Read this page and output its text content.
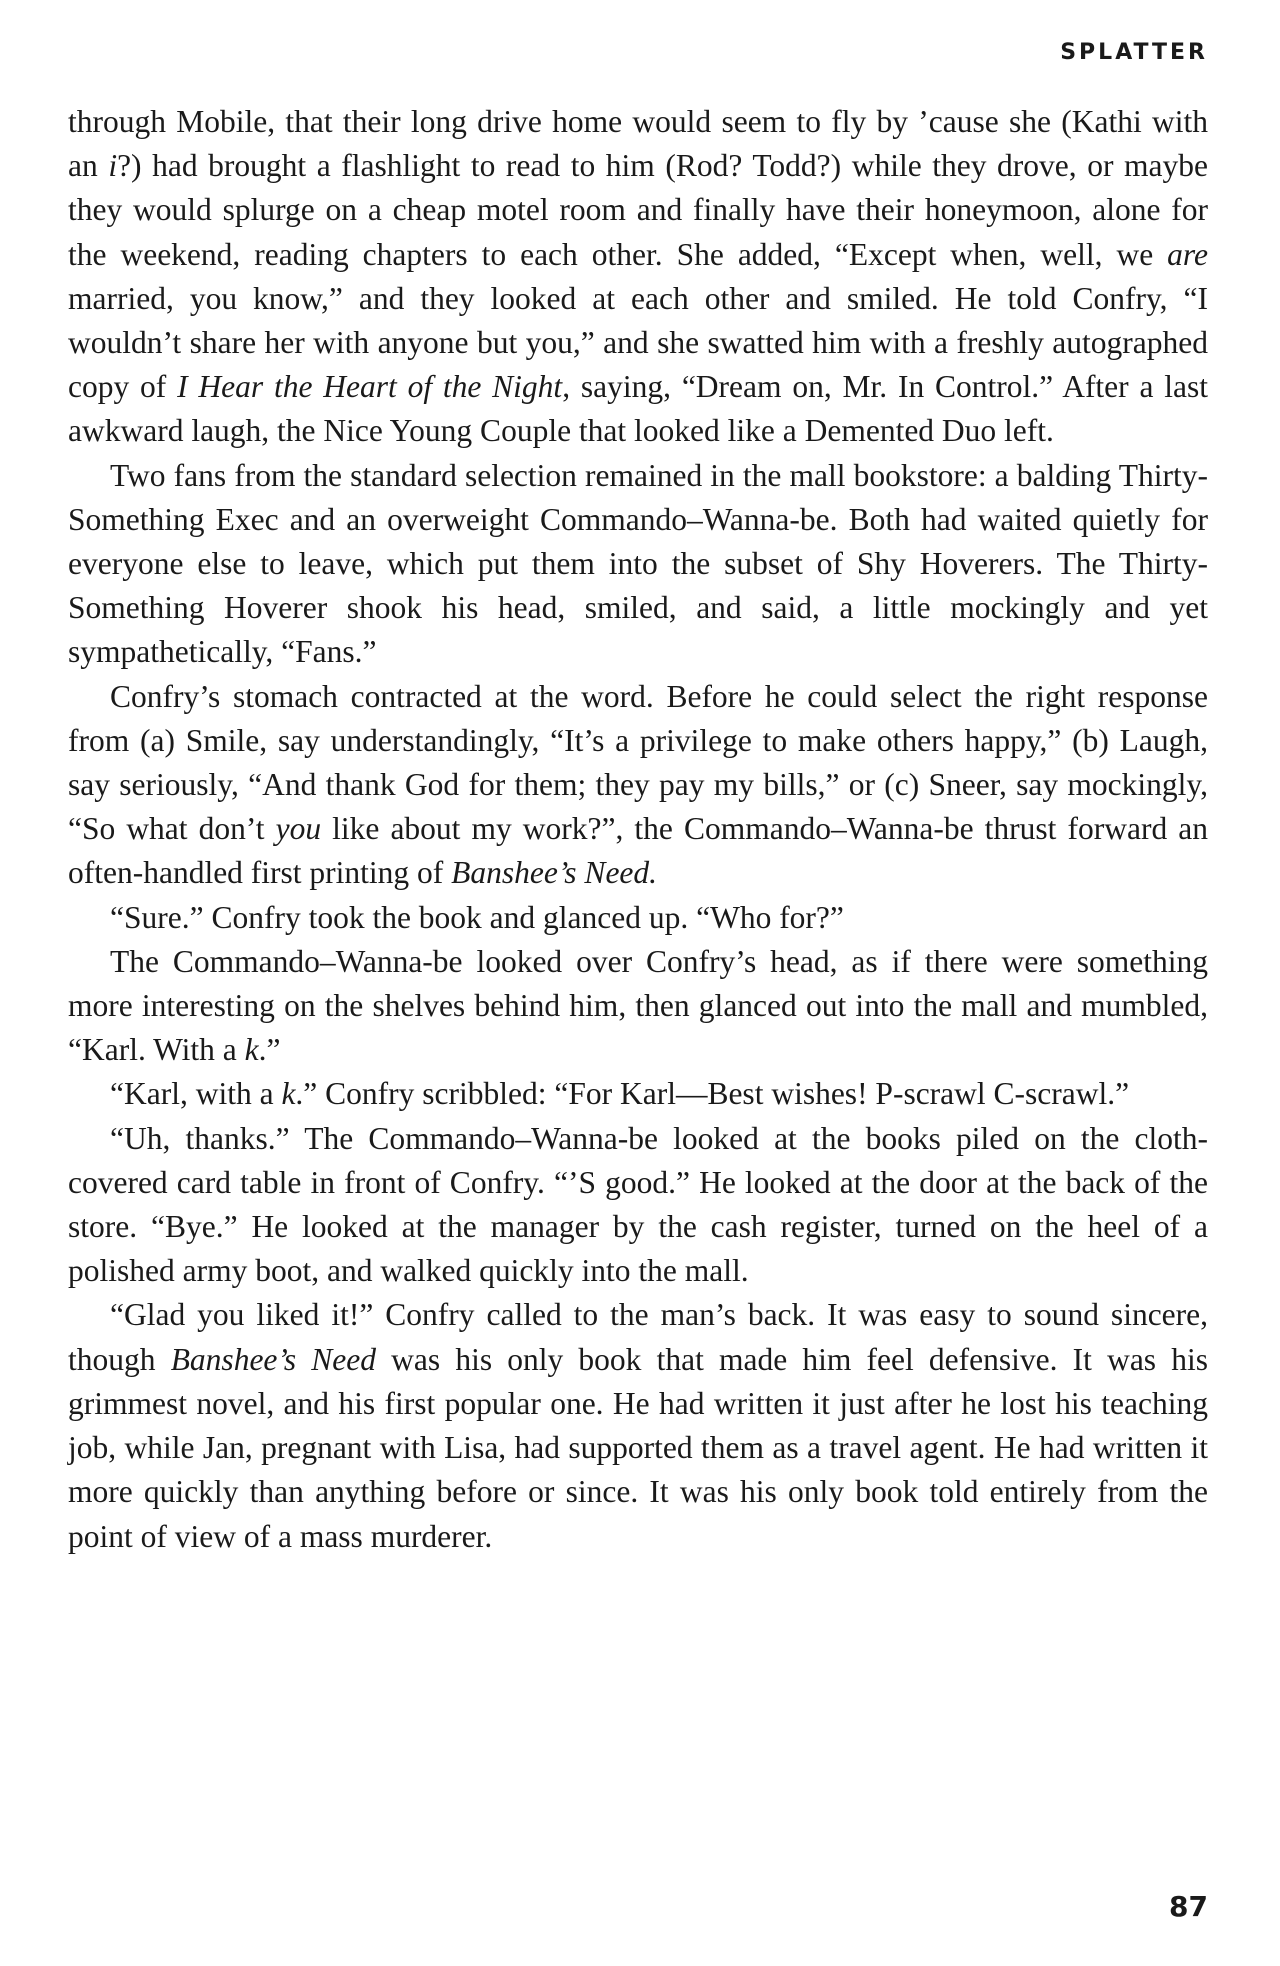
SPLATTER

through Mobile, that their long drive home would seem to fly by ’cause she (Kathi with an i?) had brought a flashlight to read to him (Rod? Todd?) while they drove, or maybe they would splurge on a cheap motel room and finally have their honeymoon, alone for the weekend, reading chapters to each other. She added, “Except when, well, we are married, you know,” and they looked at each other and smiled. He told Confry, “I wouldn’t share her with anyone but you,” and she swatted him with a freshly autographed copy of I Hear the Heart of the Night, saying, “Dream on, Mr. In Control.” After a last awkward laugh, the Nice Young Couple that looked like a Demented Duo left.

Two fans from the standard selection remained in the mall bookstore: a balding Thirty-Something Exec and an overweight Commando–Wanna-be. Both had waited quietly for everyone else to leave, which put them into the subset of Shy Hoverers. The Thirty-Something Hoverer shook his head, smiled, and said, a little mockingly and yet sympathetically, “Fans.”

Confry’s stomach contracted at the word. Before he could select the right response from (a) Smile, say understandingly, “It’s a privilege to make others happy,” (b) Laugh, say seriously, “And thank God for them; they pay my bills,” or (c) Sneer, say mockingly, “So what don’t you like about my work?”, the Commando–Wanna-be thrust forward an often-handled first printing of Banshee’s Need.

“Sure.” Confry took the book and glanced up. “Who for?”

The Commando–Wanna-be looked over Confry’s head, as if there were something more interesting on the shelves behind him, then glanced out into the mall and mumbled, “Karl. With a k.”

“Karl, with a k.” Confry scribbled: “For Karl—Best wishes! P-scrawl C-scrawl.”

“Uh, thanks.” The Commando–Wanna-be looked at the books piled on the cloth-covered card table in front of Confry. “’S good.” He looked at the door at the back of the store. “Bye.” He looked at the manager by the cash register, turned on the heel of a polished army boot, and walked quickly into the mall.

“Glad you liked it!” Confry called to the man’s back. It was easy to sound sincere, though Banshee’s Need was his only book that made him feel defensive. It was his grimmest novel, and his first popular one. He had written it just after he lost his teaching job, while Jan, pregnant with Lisa, had supported them as a travel agent. He had written it more quickly than anything before or since. It was his only book told entirely from the point of view of a mass murderer.

87
